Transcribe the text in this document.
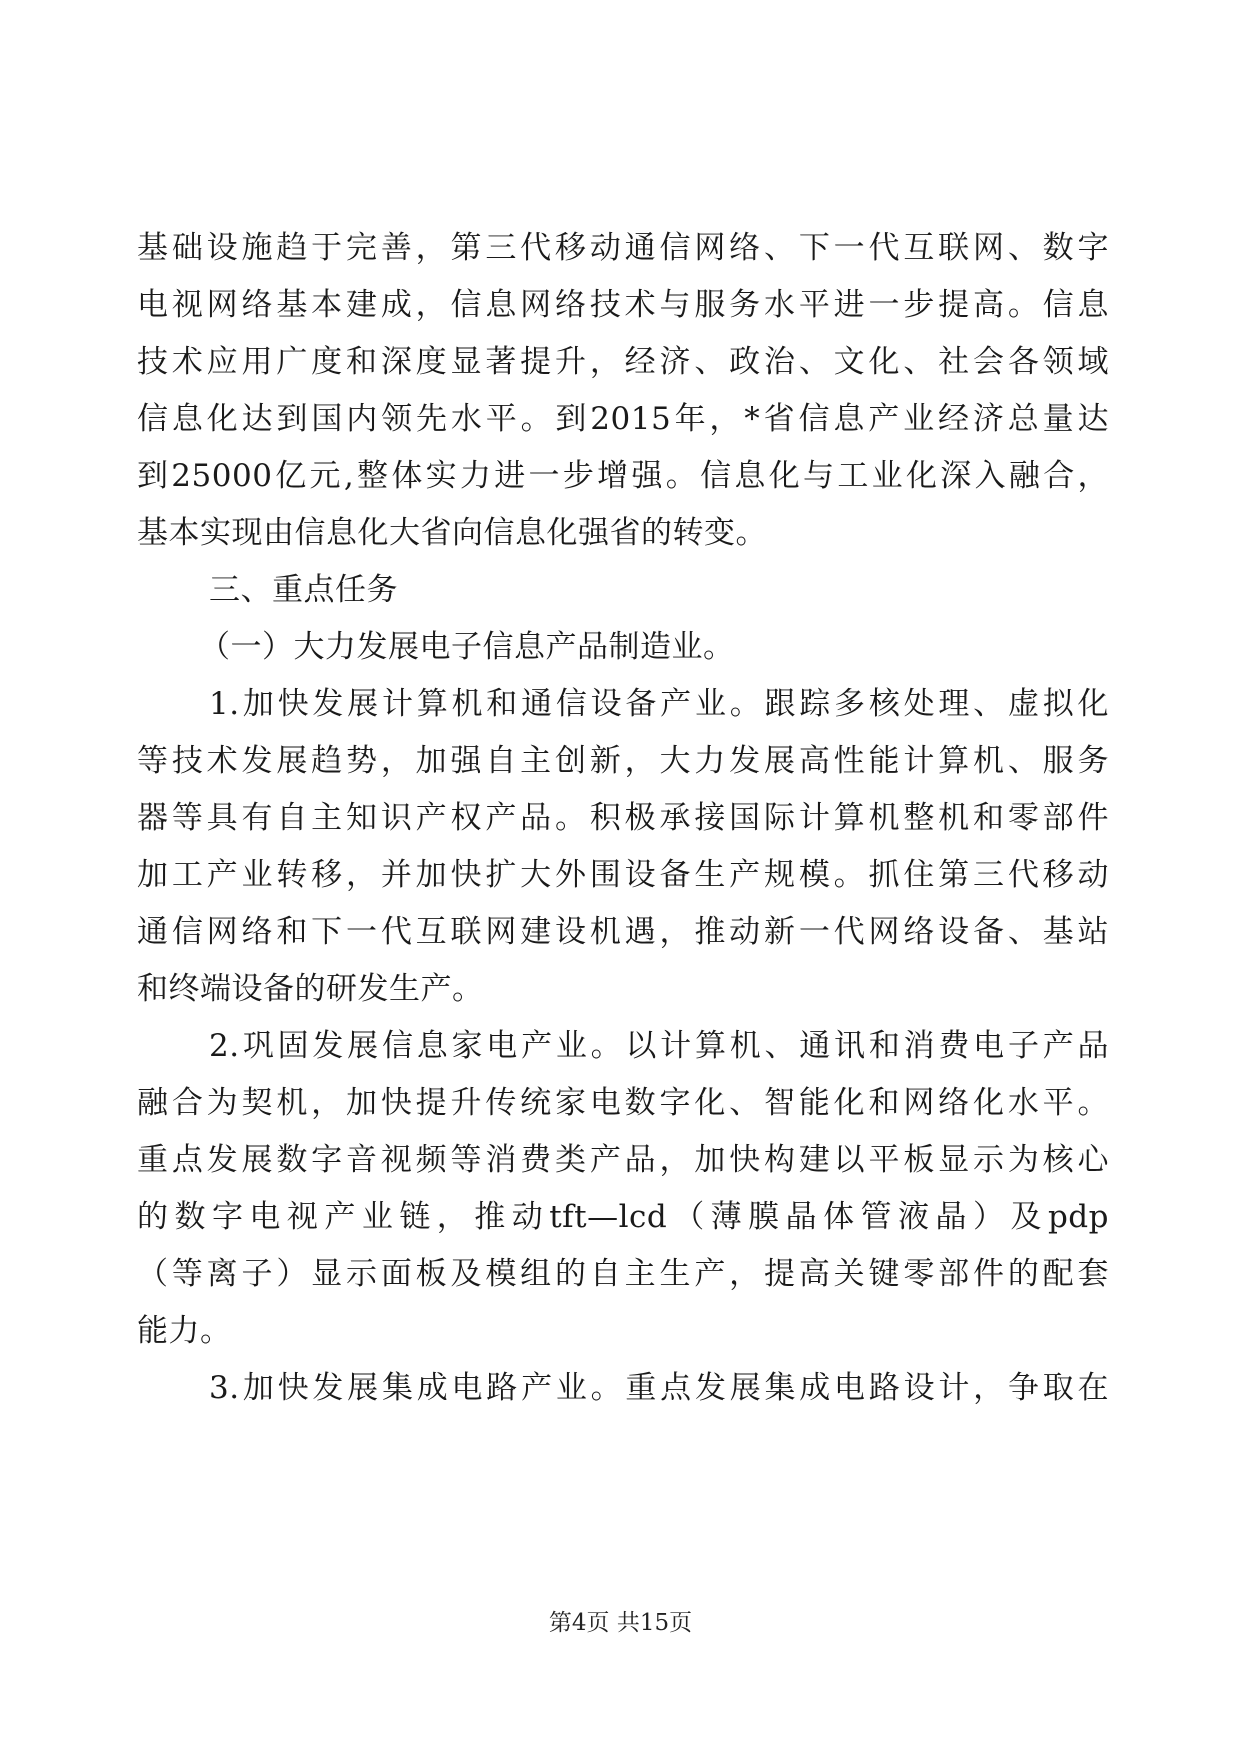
基础设施趋于完善，第三代移动通信网络、下一代互联网、数字
电视网络基本建成，信息网络技术与服务水平进一步提高。信息
技术应用广度和深度显著提升，经济、政治、文化、社会各领域
信息化达到国内领先水平。到2015年，*省信息产业经济总量达
到25000亿元,整体实力进一步增强。信息化与工业化深入融合，
基本实现由信息化大省向信息化强省的转变。
三、重点任务
（一）大力发展电子信息产品制造业。
1.加快发展计算机和通信设备产业。跟踪多核处理、虚拟化
等技术发展趋势，加强自主创新，大力发展高性能计算机、服务
器等具有自主知识产权产品。积极承接国际计算机整机和零部件
加工产业转移，并加快扩大外围设备生产规模。抓住第三代移动
通信网络和下一代互联网建设机遇，推动新一代网络设备、基站
和终端设备的研发生产。
2.巩固发展信息家电产业。以计算机、通讯和消费电子产品
融合为契机，加快提升传统家电数字化、智能化和网络化水平。
重点发展数字音视频等消费类产品，加快构建以平板显示为核心
的数字电视产业链，推动tft—lcd（薄膜晶体管液晶）及pdp
（等离子）显示面板及模组的自主生产，提高关键零部件的配套
能力。
3.加快发展集成电路产业。重点发展集成电路设计，争取在
第4页 共15页
